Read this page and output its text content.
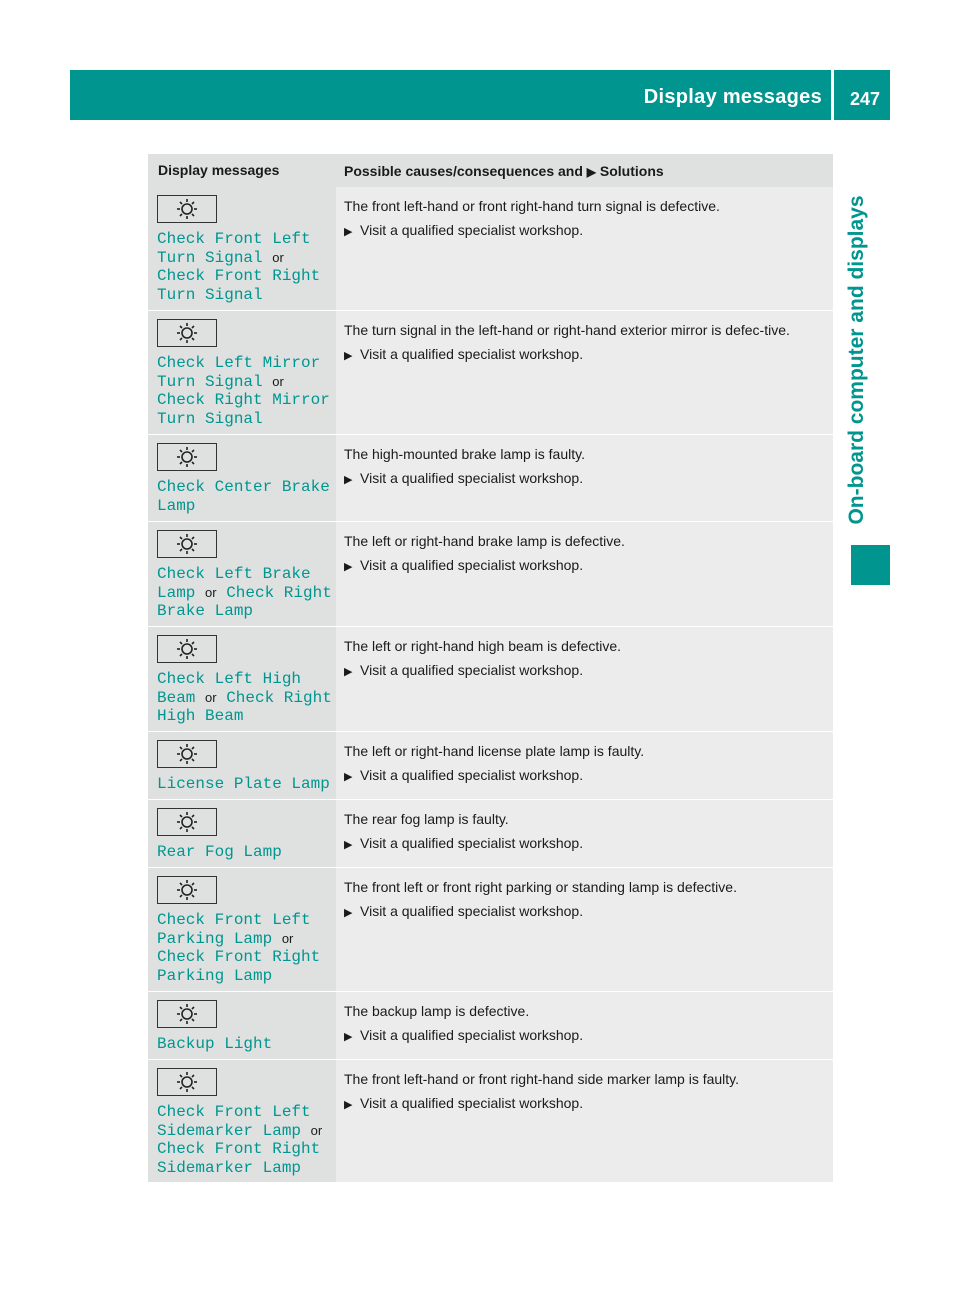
Display messages 247
On-board computer and displays
Display messages	Possible causes/consequences and ▶ Solutions
Check Front Left
Turn Signal or
Check Front Right
Turn Signal

The front left-hand or front right-hand turn signal is defective.
▶ Visit a qualified specialist workshop.
Check Left Mirror
Turn Signal or
Check Right Mirror
Turn Signal

The turn signal in the left-hand or right-hand exterior mirror is defec-tive.
▶ Visit a qualified specialist workshop.
Check Center Brake
Lamp

The high-mounted brake lamp is faulty.
▶ Visit a qualified specialist workshop.
Check Left Brake
Lamp or Check Right
Brake Lamp

The left or right-hand brake lamp is defective.
▶ Visit a qualified specialist workshop.
Check Left High
Beam or Check Right
High Beam

The left or right-hand high beam is defective.
▶ Visit a qualified specialist workshop.
License Plate Lamp

The left or right-hand license plate lamp is faulty.
▶ Visit a qualified specialist workshop.
Rear Fog Lamp

The rear fog lamp is faulty.
▶ Visit a qualified specialist workshop.
Check Front Left
Parking Lamp or
Check Front Right
Parking Lamp

The front left or front right parking or standing lamp is defective.
▶ Visit a qualified specialist workshop.
Backup Light

The backup lamp is defective.
▶ Visit a qualified specialist workshop.
Check Front Left
Sidemarker Lamp or
Check Front Right
Sidemarker Lamp

The front left-hand or front right-hand side marker lamp is faulty.
▶ Visit a qualified specialist workshop.
